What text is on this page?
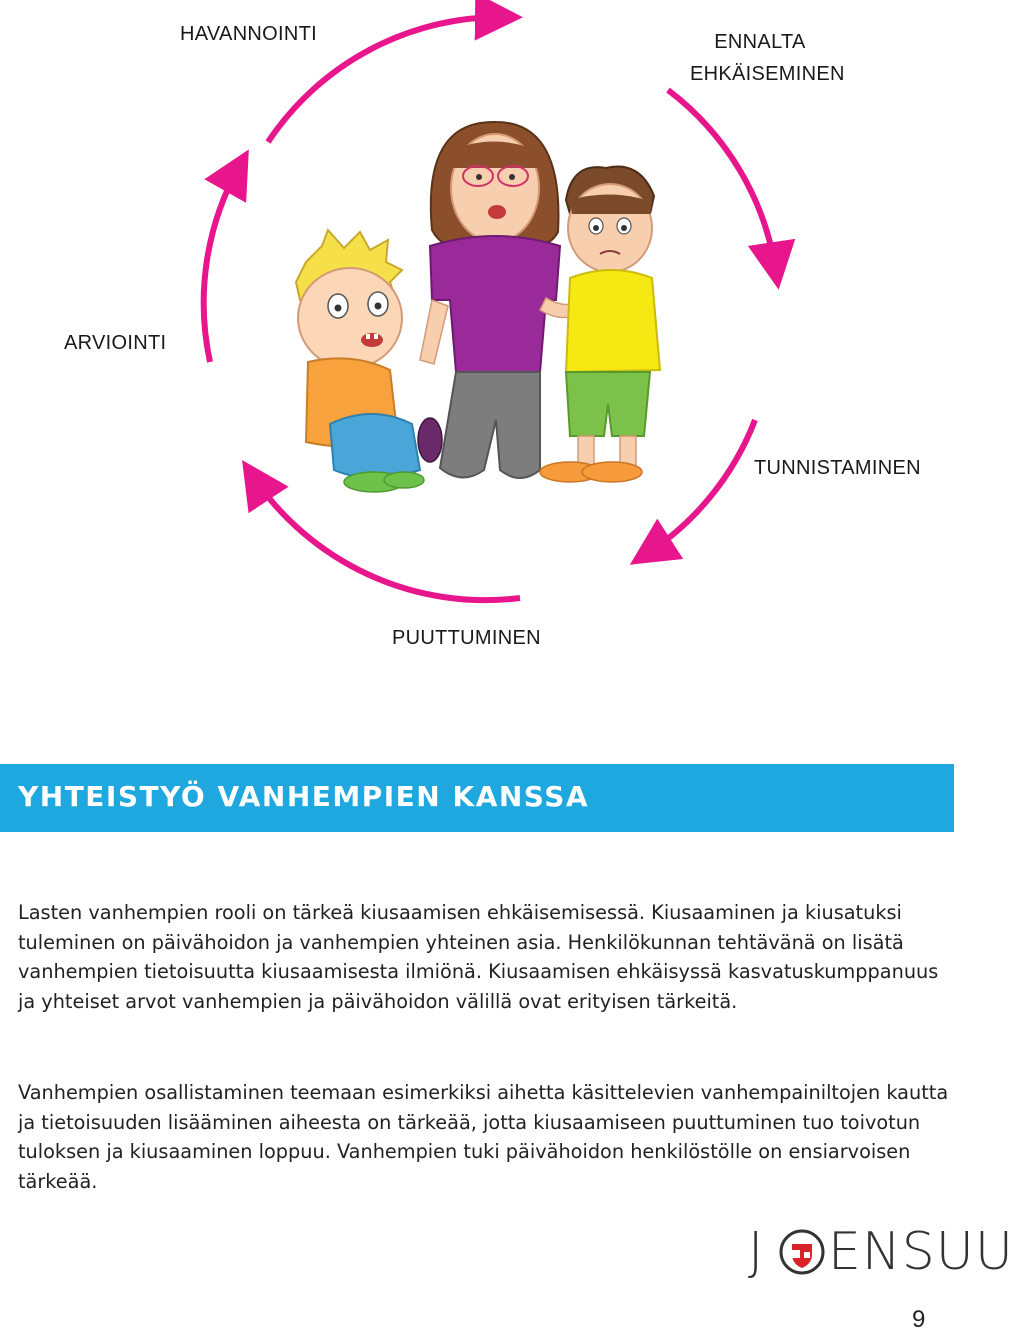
HAVANNOINTI	ENNALTA
EHKÄISEMINEN
ARVIOINTI
TUNNISTAMINEN
PUUTTUMINEN
YHTEISTYÖ VANHEMPIEN KANSSA

Lasten vanhempien rooli on tärkeä kiusaamisen ehkäisemisessä. Kiusaaminen ja kiusatuksi tuleminen on päivähoidon ja vanhempien yhteinen asia. Henkilökunnan tehtävänä on lisätä vanhempien tietoisuutta kiusaamisesta ilmiönä. Kiusaamisen ehkäisyssä kasvatuskumppanuus ja yhteiset arvot vanhempien ja päivähoidon välillä ovat erityisen tärkeitä.

Vanhempien osallistaminen teemaan esimerkiksi aihetta käsittelevien vanhempainiltojen kautta ja tietoisuuden lisääminen aiheesta on tärkeää, jotta kiusaamiseen puuttuminen tuo toivotun tuloksen ja kiusaaminen loppuu. Vanhempien tuki päivähoidon henkilöstölle on ensiarvoisen tärkeää.

J ENSUU
9
